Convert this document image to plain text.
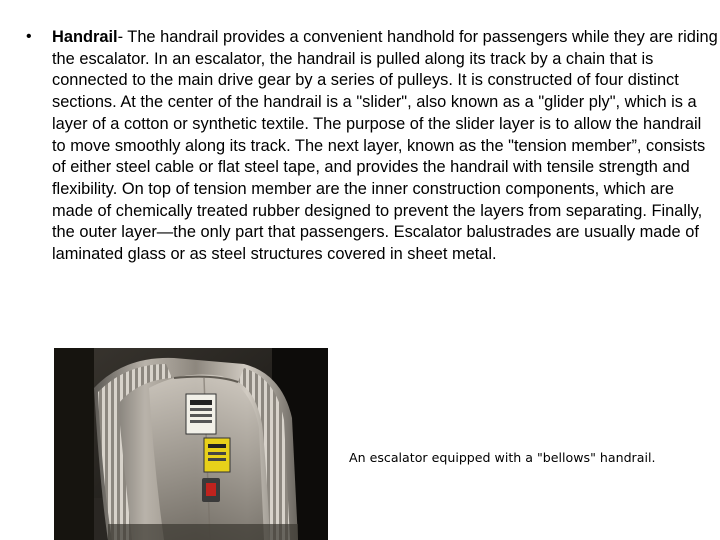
• Handrail- The handrail provides a convenient handhold for passengers while they are riding the escalator. In an escalator, the handrail is pulled along its track by a chain that is connected to the main drive gear by a series of pulleys. It is constructed of four distinct sections. At the center of the handrail is a "slider", also known as a "glider ply", which is a layer of a cotton or synthetic textile. The purpose of the slider layer is to allow the handrail to move smoothly along its track. The next layer, known as the "tension member”, consists of either steel cable or flat steel tape, and provides the handrail with tensile strength and flexibility. On top of tension member are the inner construction components, which are made of chemically treated rubber designed to prevent the layers from separating. Finally, the outer layer—the only part that passengers. Escalator balustrades are usually made of laminated glass or as steel structures covered in sheet metal.
An escalator equipped with a "bellows" handrail.
